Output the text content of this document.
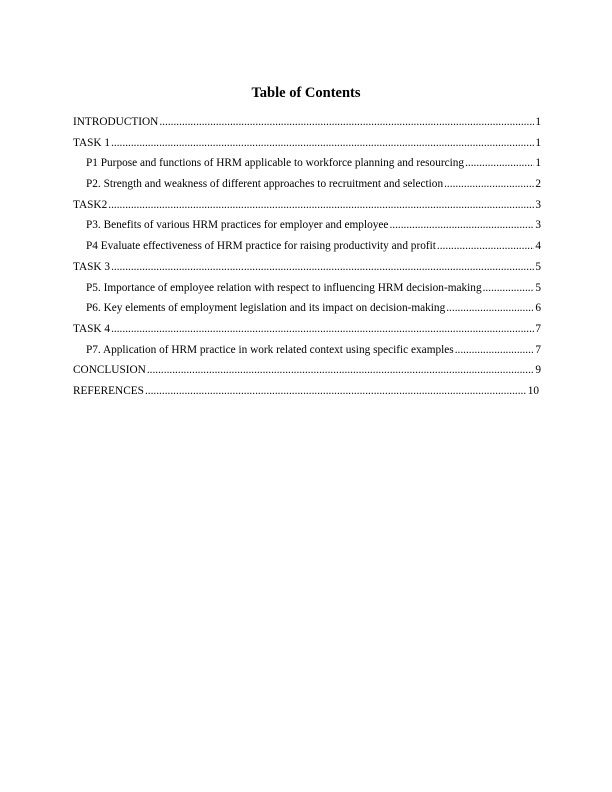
Table of Contents
INTRODUCTION .....	1
TASK 1 .....	1
P1 Purpose and functions of HRM applicable to workforce planning and resourcing .....	1
P2. Strength and weakness of different approaches to recruitment and selection .....	2
TASK2 .....	3
P3. Benefits of various HRM practices for employer and employee .....	3
P4 Evaluate effectiveness of HRM practice for raising productivity and profit .....	4
TASK 3 .....	5
P5. Importance of employee relation with respect to influencing HRM decision-making .....	5
P6. Key elements of employment legislation and its impact on decision-making .....	6
TASK 4 .....	7
P7. Application of HRM practice in work related context using specific examples .....	7
CONCLUSION .....	9
REFERENCES .....	10
